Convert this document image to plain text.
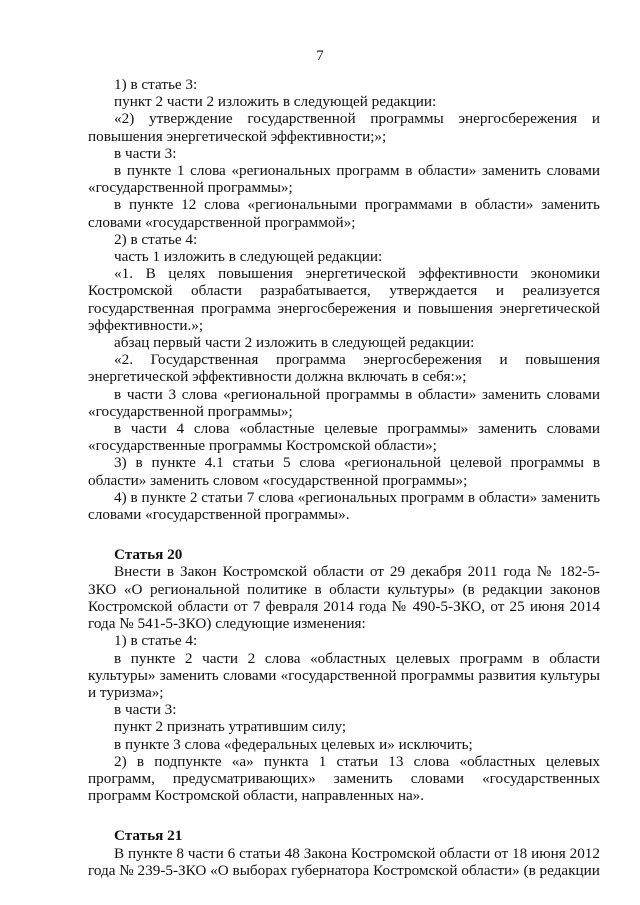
7

1) в статье 3:

пункт 2 части 2 изложить в следующей редакции:

«2) утверждение государственной программы энергосбережения и повышения энергетической эффективности;»;

в части 3:

в пункте 1 слова «региональных программ в области» заменить словами «государственной программы»;

в пункте 12 слова «региональными программами в области» заменить словами «государственной программой»;

2) в статье 4:

часть 1 изложить в следующей редакции:

«1. В целях повышения энергетической эффективности экономики Костромской области разрабатывается, утверждается и реализуется государственная программа энергосбережения и повышения энергетической эффективности.»;

абзац первый части 2 изложить в следующей редакции:

«2. Государственная программа энергосбережения и повышения энергетической эффективности должна включать в себя:»;

в части 3 слова «региональной программы в области» заменить словами «государственной программы»;

в части 4 слова «областные целевые программы» заменить словами «государственные программы Костромской области»;

3) в пункте 4.1 статьи 5 слова «региональной целевой программы в области» заменить словом «государственной программы»;

4) в пункте 2 статьи 7 слова «региональных программ в области» заменить словами «государственной программы».

Статья 20

Внести в Закон Костромской области от 29 декабря 2011 года № 182-5-ЗКО «О региональной политике в области культуры» (в редакции законов Костромской области от 7 февраля 2014 года № 490-5-ЗКО, от 25 июня 2014 года № 541-5-ЗКО) следующие изменения:

1) в статье 4:

в пункте 2 части 2 слова «областных целевых программ в области культуры» заменить словами «государственной программы развития культуры и туризма»;

в части 3:

пункт 2 признать утратившим силу;

в пункте 3 слова «федеральных целевых и» исключить;

2) в подпункте «а» пункта 1 статьи 13 слова «областных целевых программ, предусматривающих» заменить словами «государственных программ Костромской области, направленных на».

Статья 21

В пункте 8 части 6 статьи 48 Закона Костромской области от 18 июня 2012 года № 239-5-ЗКО «О выборах губернатора Костромской области» (в редакции
